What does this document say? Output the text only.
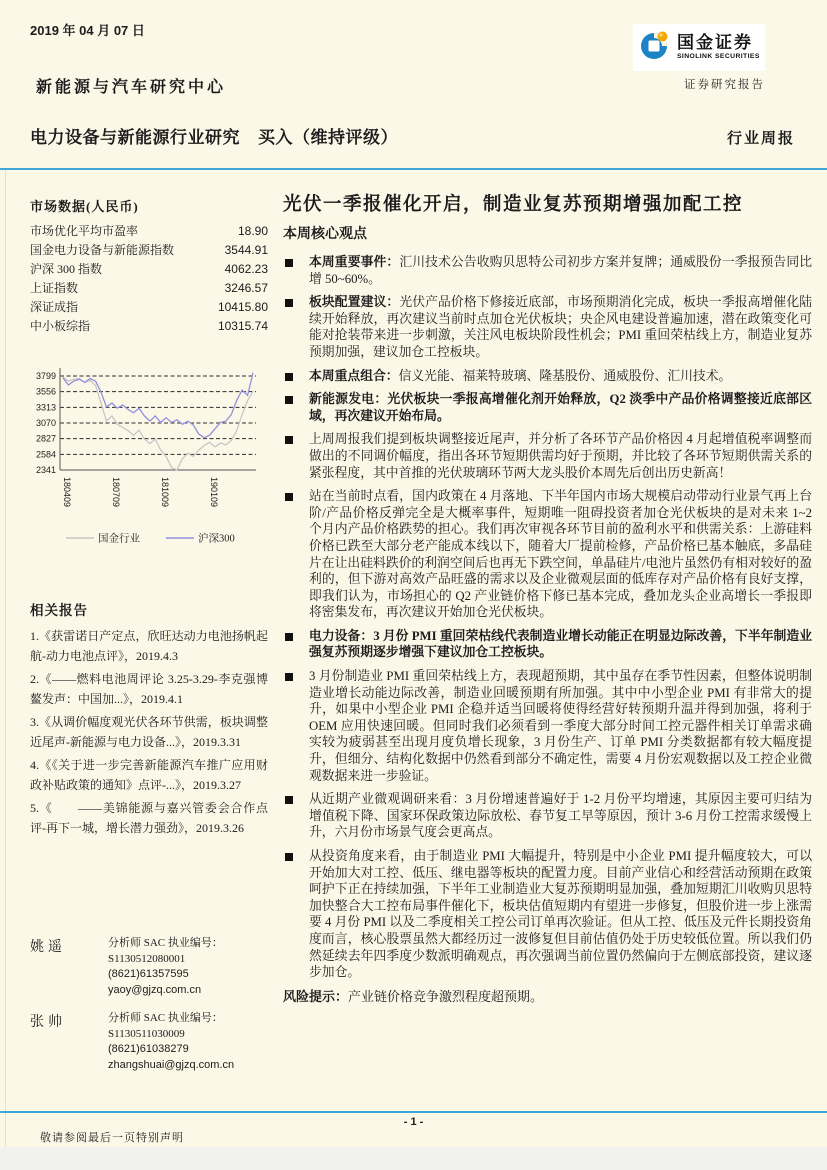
2019 年 04 月 07 日
国金证券
SINOLINK SECURITIES
证券研究报告
新能源与汽车研究中心
电力设备与新能源行业研究 买入（维持评级）	行业周报
市场数据(人民币)
市场优化平均市盈率	18.90
国金电力设备与新能源指数	3544.91
沪深 300 指数	4062.23
上证指数	3246.57
深证成指	10415.80
中小板综指	10315.74
3799
3556
3313
3070
2827
2584
2341
180409	180709	181009	190109
国金行业	沪深300
相关报告
1.《获雷诺日产定点，欣旺达动力电池扬帆起航-动力电池点评》，2019.4.3
2.《——燃料电池周评论 3.25-3.29-李克强博鳌发声：中国加...》，2019.4.1
3.《从调价幅度观光伏各环节供需，板块调整近尾声-新能源与电力设备...》，2019.3.31
4.《《关于进一步完善新能源汽车推广应用财政补贴政策的通知》点评-...》，2019.3.27
5.《　　——美锦能源与嘉兴管委会合作点评-再下一城，增长潜力强劲》，2019.3.26
姚遥	分析师 SAC 执业编号：S1130512080001
(8621)61357595
yaoy@gjzq.com.cn
张帅	分析师 SAC 执业编号：S1130511030009
(8621)61038279
zhangshuai@gjzq.com.cn
光伏一季报催化开启，制造业复苏预期增强加配工控
本周核心观点
本周重要事件：汇川技术公告收购贝思特公司初步方案并复牌；通威股份一季报预告同比增 50~60%。
板块配置建议：光伏产品价格下修接近底部，市场预期消化完成，板块一季报高增催化陆续开始释放，再次建议当前时点加仓光伏板块；央企风电建设普遍加速，潜在政策变化可能对抢装带来进一步刺激，关注风电板块阶段性机会；PMI 重回荣枯线上方，制造业复苏预期加强，建议加仓工控板块。
本周重点组合：信义光能、福莱特玻璃、隆基股份、通威股份、汇川技术。
新能源发电：光伏板块一季报高增催化剂开始释放，Q2 淡季中产品价格调整接近底部区域，再次建议开始布局。
上周周报我们提到板块调整接近尾声，并分析了各环节产品价格因 4 月起增值税率调整而做出的不同调价幅度，指出各环节短期供需均好于预期，并比较了各环节短期供需关系的紧张程度，其中首推的光伏玻璃环节两大龙头股价本周先后创出历史新高！
站在当前时点看，国内政策在 4 月落地、下半年国内市场大规模启动带动行业景气再上台阶/产品价格反弹完全是大概率事件，短期唯一阻碍投资者加仓光伏板块的是对未来 1~2 个月内产品价格跌势的担心。我们再次审视各环节目前的盈利水平和供需关系：上游硅料价格已跌至大部分老产能成本线以下，随着大厂提前检修，产品价格已基本触底，多晶硅片在让出硅料跌价的利润空间后也再无下跌空间，单晶硅片/电池片虽然仍有相对较好的盈利的，但下游对高效产品旺盛的需求以及企业微观层面的低库存对产品价格有良好支撑，即我们认为，市场担心的 Q2 产业链价格下修已基本完成，叠加龙头企业高增长一季报即将密集发布，再次建议开始加仓光伏板块。
电力设备：3 月份 PMI 重回荣枯线代表制造业增长动能正在明显边际改善，下半年制造业强复苏预期逐步增强下建议加仓工控板块。
3 月份制造业 PMI 重回荣枯线上方，表现超预期，其中虽存在季节性因素，但整体说明制造业增长动能边际改善，制造业回暖预期有所加强。其中中小型企业 PMI 有非常大的提升，如果中小型企业 PMI 企稳并适当回暖将使得经营好转预期升温并得到加强，将利于 OEM 应用快速回暖。但同时我们必须看到一季度大部分时间工控元器件相关订单需求确实较为疲弱甚至出现月度负增长现象，3 月份生产、订单 PMI 分类数据都有较大幅度提升，但细分、结构化数据中仍然看到部分不确定性，需要 4 月份宏观数据以及工控企业微观数据来进一步验证。
从近期产业微观调研来看：3 月份增速普遍好于 1-2 月份平均增速，其原因主要可归结为增值税下降、国家环保政策边际放松、春节复工早等原因，预计 3-6 月份工控需求缓慢上升，六月份市场景气度会更高点。
从投资角度来看，由于制造业 PMI 大幅提升，特别是中小企业 PMI 提升幅度较大，可以开始加大对工控、低压、继电器等板块的配置力度。目前产业信心和经营活动预期在政策呵护下正在持续加强，下半年工业制造业大复苏预期明显加强，叠加短期汇川收购贝思特加快整合大工控布局事件催化下，板块估值短期内有望进一步修复，但股价进一步上涨需要 4 月份 PMI 以及二季度相关工控公司订单再次验证。但从工控、低压及元件长期投资角度而言，核心股票虽然大都经历过一波修复但目前估值仍处于历史较低位置。所以我们仍然延续去年四季度少数派明确观点，再次强调当前位置仍然偏向于左侧底部投资，建议逐步加仓。
风险提示：产业链价格竞争激烈程度超预期。
- 1 -
敬请参阅最后一页特别声明
